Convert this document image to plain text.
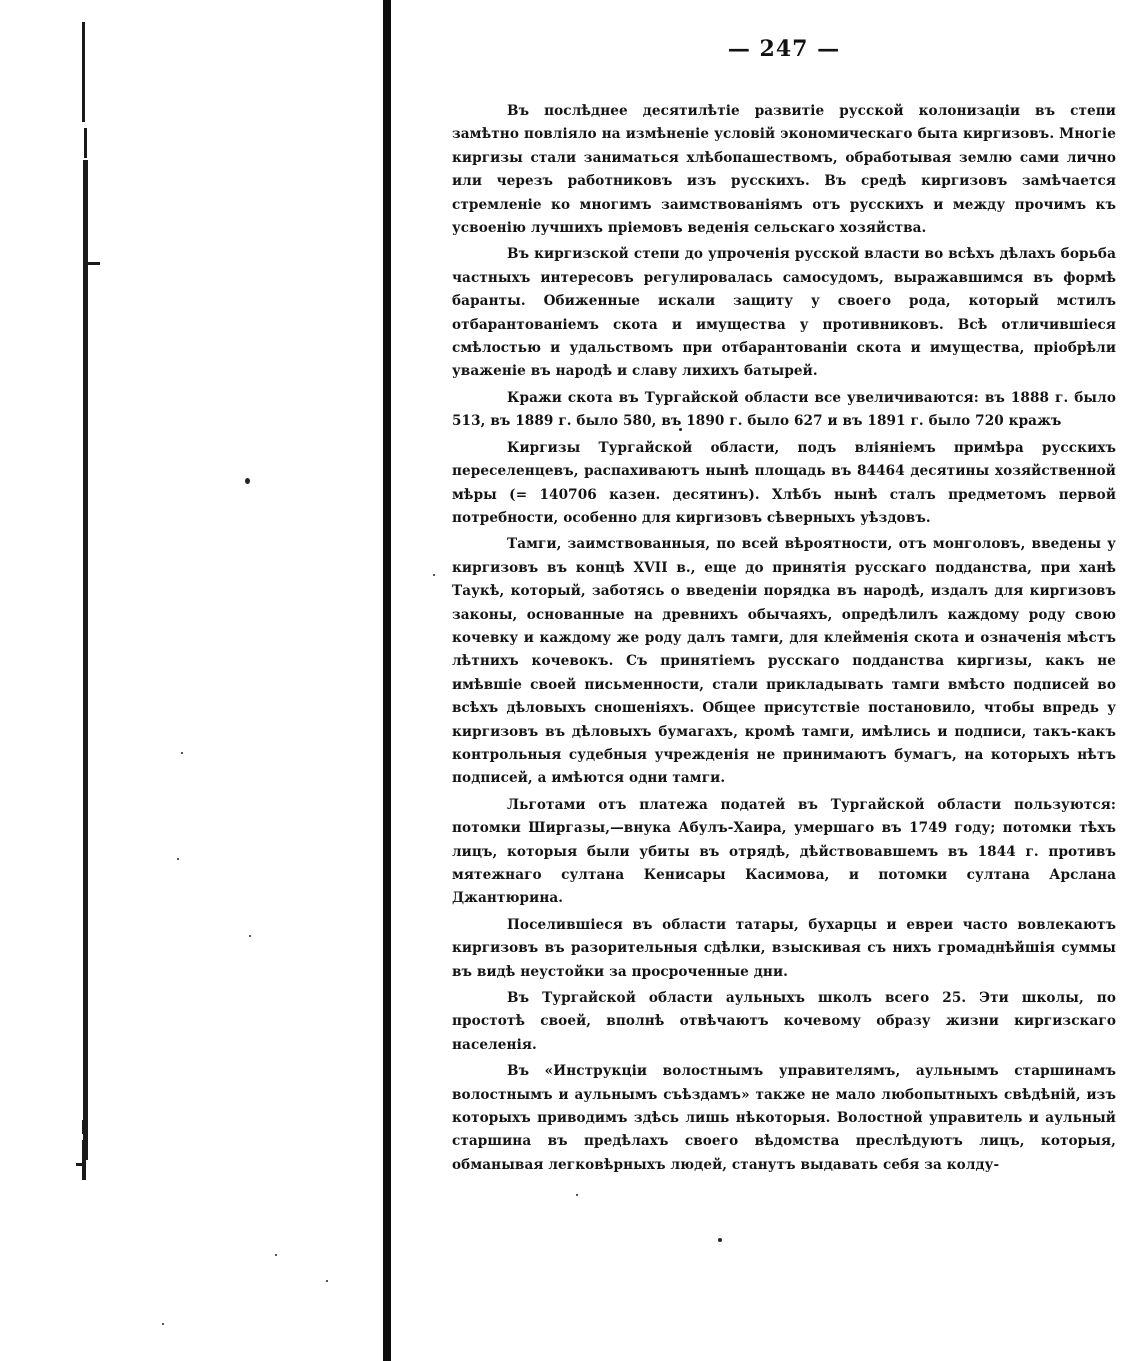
— 247 —

Въ послѣднее десятилѣтіе развитіе русской колонизаціи въ степи замѣтно повліяло на измѣненіе условій экономическаго быта киргизовъ. Многіе киргизы стали заниматься хлѣбопашествомъ, обработывая землю сами лично или черезъ работниковъ изъ русскихъ. Въ средѣ киргизовъ замѣчается стремленіе ко многимъ заимствованіямъ отъ русскихъ и между прочимъ къ усвоенію лучшихъ пріемовъ веденія сельскаго хозяйства.

Въ киргизской степи до упроченія русской власти во всѣхъ дѣлахъ борьба частныхъ интересовъ регулировалась самосудомъ, выражавшимся въ формѣ баранты. Обиженные искали защиту у своего рода, который мстилъ отбарантованіемъ скота и имущества у противниковъ. Всѣ отличившіеся смѣлостью и удальствомъ при отбарантованіи скота и имущества, пріобрѣли уваженіе въ народѣ и славу лихихъ батырей.

Кражи скота въ Тургайской области все увеличиваются: въ 1888 г. было 513, въ 1889 г. было 580, въ 1890 г. было 627 и въ 1891 г. было 720 кражъ

Киргизы Тургайской области, подъ вліяніемъ примѣра русскихъ переселенцевъ, распахиваютъ нынѣ площадь въ 84464 десятины хозяйственной мѣры (= 140706 казен. десятинъ). Хлѣбъ нынѣ сталъ предметомъ первой потребности, особенно для киргизовъ сѣверныхъ уѣздовъ.

Тамги, заимствованныя, по всей вѣроятности, отъ монголовъ, введены у киргизовъ въ концѣ XVII в., еще до принятія русскаго подданства, при ханѣ Таукѣ, который, заботясь о введеніи порядка въ народѣ, издалъ для киргизовъ законы, основанные на древнихъ обычаяхъ, опредѣлилъ каждому роду свою кочевку и каждому же роду далъ тамги, для клейменія скота и означенія мѣстъ лѣтнихъ кочевокъ. Съ принятіемъ русскаго подданства киргизы, какъ не имѣвшіе своей письменности, стали прикладывать тамги вмѣсто подписей во всѣхъ дѣловыхъ сношеніяхъ. Общее присутствіе постановило, чтобы впредь у киргизовъ въ дѣловыхъ бумагахъ, кромѣ тамги, имѣлись и подписи, такъ-какъ контрольныя судебныя учрежденія не принимаютъ бумагъ, на которыхъ нѣтъ подписей, а имѣются одни тамги.

Льготами отъ платежа податей въ Тургайской области пользуются: потомки Ширгазы,—внука Абулъ-Хаира, умершаго въ 1749 году; потомки тѣхъ лицъ, которыя были убиты въ отрядѣ, дѣйствовавшемъ въ 1844 г. противъ мятежнаго султана Кенисары Касимова, и потомки султана Арслана Джантюрина.

Поселившіеся въ области татары, бухарцы и евреи часто вовлекаютъ киргизовъ въ разорительныя сдѣлки, взыскивая съ нихъ громаднѣйшія суммы въ видѣ неустойки за просроченные дни.

Въ Тургайской области аульныхъ школъ всего 25. Эти школы, по простотѣ своей, вполнѣ отвѣчаютъ кочевому образу жизни киргизскаго населенія.

Въ «Инструкціи волостнымъ управителямъ, аульнымъ старшинамъ волостнымъ и аульнымъ съѣздамъ» также не мало любопытныхъ свѣдѣній, изъ которыхъ приводимъ здѣсь лишь нѣкоторыя. Волостной управитель и аульный старшина въ предѣлахъ своего вѣдомства преслѣдуютъ лицъ, которыя, обманывая легковѣрныхъ людей, станутъ выдавать себя за колду-
